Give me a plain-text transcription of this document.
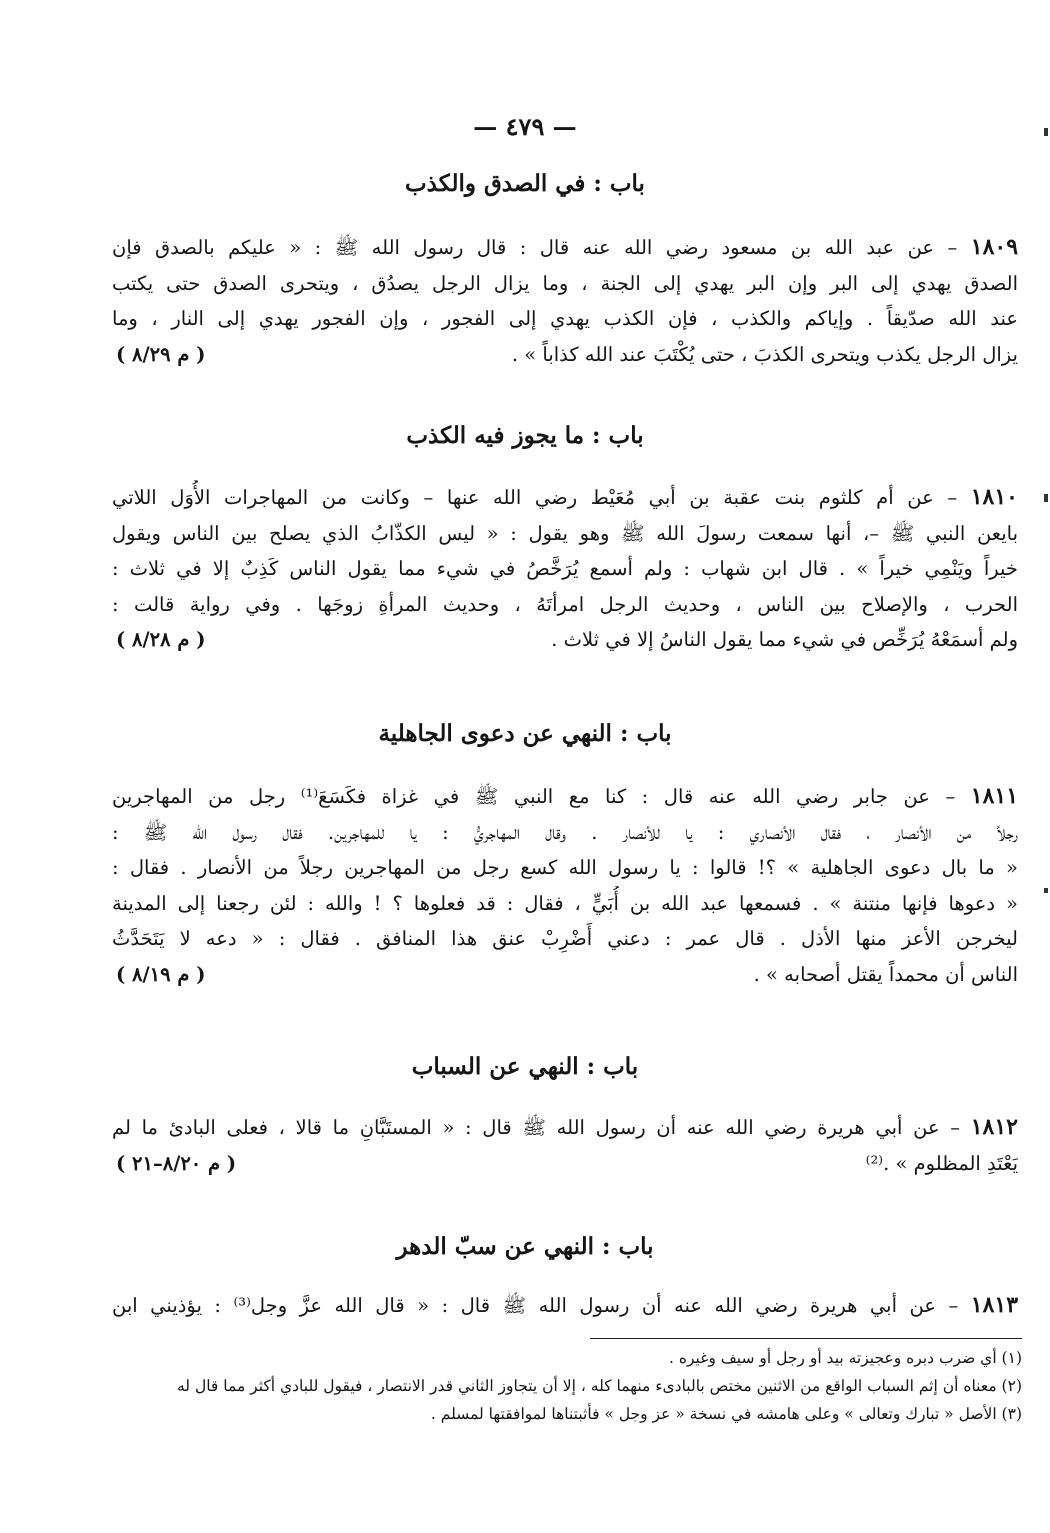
— ٤٧٩ —
باب : في الصدق والكذب
١٨٠٩ – عن عبد الله بن مسعود رضي الله عنه قال : قال رسول الله ﷺ : « عليكم بالصدق فإن
الصدق يهدي إلى البر وإن البر يهدي إلى الجنة ، وما يزال الرجل يصدُق ، ويتحرى الصدق حتى يكتب
عند الله صدّيقاً . وإياكم والكذب ، فإن الكذب يهدي إلى الفجور ، وإن الفجور يهدي إلى النار ، وما
يزال الرجل يكذب ويتحرى الكذبَ ، حتى يُكْتَبَ عند الله كذاباً » .
( م ٨/٢٩ )
باب : ما يجوز فيه الكذب
١٨١٠ – عن أم كلثوم بنت عقبة بن أبي مُعَيْط رضي الله عنها – وكانت من المهاجرات الأُوَل اللاتي
بايعن النبي ﷺ –، أنها سمعت رسولَ الله ﷺ وهو يقول : « ليس الكذّابُ الذي يصلح بين الناس ويقول
خيراً ويَنْمِي خيراً » . قال ابن شهاب : ولم أسمع يُرَخَّصُ في شيء مما يقول الناس كَذِبٌ إلا في ثلاث :
الحرب ، والإصلاح بين الناس ، وحديث الرجل امرأتَهُ ، وحديث المرأةِ زوجَها . وفي رواية قالت :
ولم أسمَعْهُ يُرَخِّص في شيء مما يقول الناسُ إلا في ثلاث .
( م ٨/٢٨ )
باب : النهي عن دعوى الجاهلية
١٨١١ – عن جابر رضي الله عنه قال : كنا مع النبي ﷺ في غزاة فكَسَعَ⁽¹⁾ رجل من المهاجرين
رجلاً من الأنصار ، فقال الأنصاري : يا للأنصار . وقال المهاجريُّ : يا للمهاجرين. فقال رسول الله ﷺ :
« ما بال دعوى الجاهلية » ؟! قالوا : يا رسول الله كسع رجل من المهاجرين رجلاً من الأنصار . فقال :
« دعوها فإنها منتنة » . فسمعها عبد الله بن أُبَيٍّ ، فقال : قد فعلوها ؟ ! والله : لئن رجعنا إلى المدينة
ليخرجن الأعز منها الأذل . قال عمر : دعني أَضْرِبْ عنق هذا المنافق . فقال : « دعه لا يَتَحَدَّثُ
الناس أن محمداً يقتل أصحابه » .
( م ٨/١٩ )
باب : النهي عن السباب
١٨١٢ – عن أبي هريرة رضي الله عنه أن رسول الله ﷺ قال : « المستَبَّانِ ما قالا ، فعلى البادئ ما لم
يَعْتَدِ المظلوم » .⁽²⁾
( م ٨/٢٠–٢١ )
باب : النهي عن سبّ الدهر
١٨١٣ – عن أبي هريرة رضي الله عنه أن رسول الله ﷺ قال : « قال الله عزَّ وجل⁽³⁾ : يؤذيني ابن
(١) أي ضرب دبره وعجيزته بيد أو رجل أو سيف وغيره .
(٢) معناه أن إثم السباب الواقع من الاثنين مختص بالبادىء منهما كله ، إلا أن يتجاوز الثاني قدر الانتصار ، فيقول للبادي أكثر مما قال له
(٣) الأصل « تبارك وتعالى » وعلى هامشه في نسخة « عز وجل » فأثبتناها لموافقتها لمسلم .
